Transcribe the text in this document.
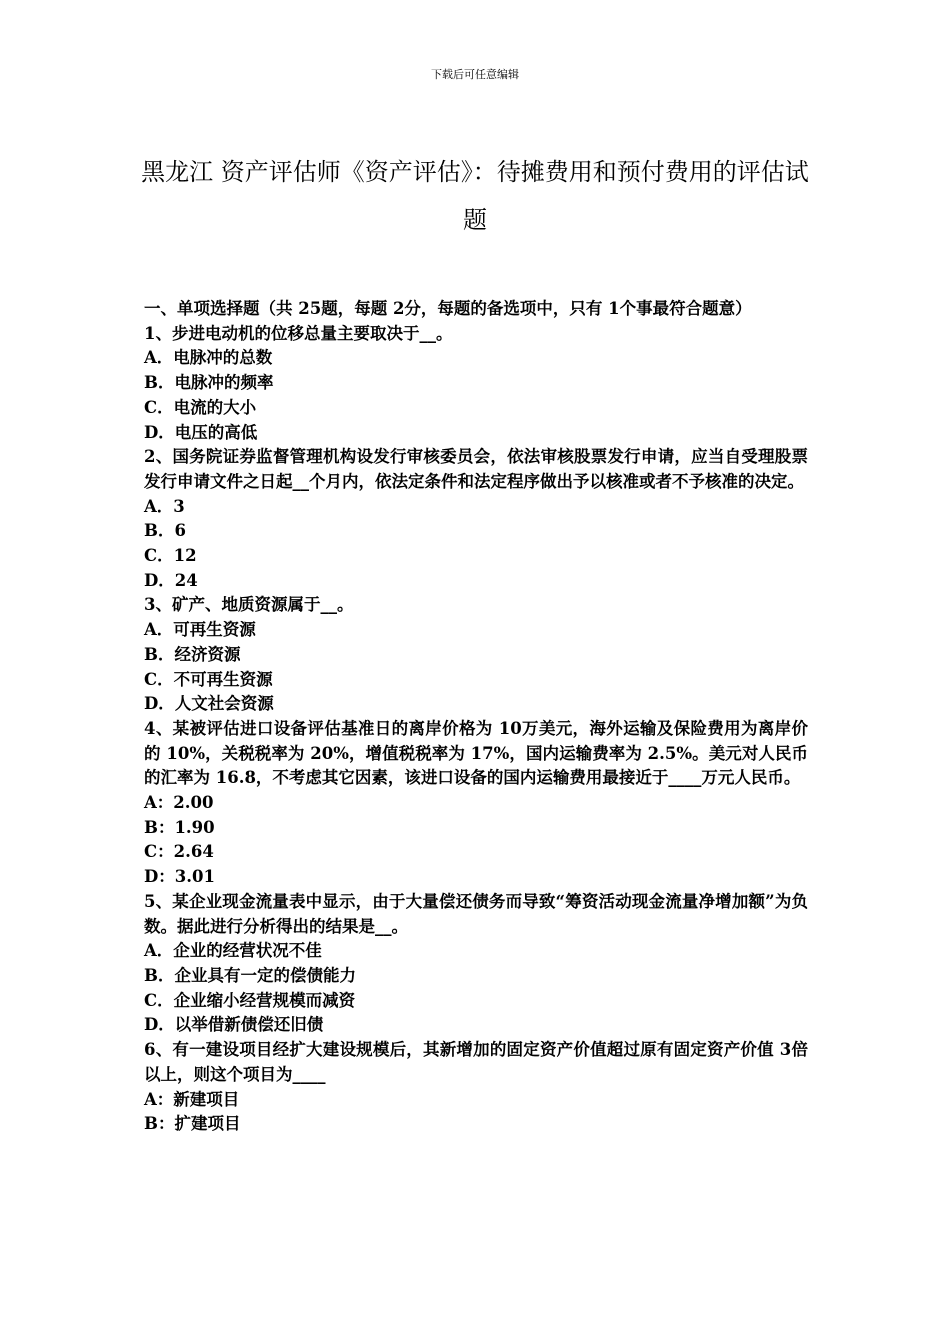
下载后可任意编辑
黑龙江 资产评估师《资产评估》：待摊费用和预付费用的评估试题

一、单项选择题（共 25题，每题 2分，每题的备选项中，只有 1个事最符合题意）

1、步进电动机的位移总量主要取决于__。

A．电脉冲的总数

B．电脉冲的频率

C．电流的大小

D．电压的高低

2、国务院证券监督管理机构设发行审核委员会，依法审核股票发行申请，应当自受理股票发行申请文件之日起__个月内，依法定条件和法定程序做出予以核准或者不予核准的决定。

A．3

B．6

C．12

D．24

3、矿产、地质资源属于__。

A．可再生资源

B．经济资源

C．不可再生资源

D．人文社会资源

4、某被评估进口设备评估基准日的离岸价格为 10万美元，海外运输及保险费用为离岸价的 10%，关税税率为 20%，增值税税率为 17%，国内运输费率为 2.5%。美元对人民币的汇率为 16.8，不考虑其它因素，该进口设备的国内运输费用最接近于____万元人民币。

A：2.00

B：1.90

C：2.64

D：3.01

5、某企业现金流量表中显示，由于大量偿还债务而导致“筹资活动现金流量净增加额”为负数。据此进行分析得出的结果是__。

A．企业的经营状况不佳

B．企业具有一定的偿债能力

C．企业缩小经营规模而减资

D．以举借新债偿还旧债

6、有一建设项目经扩大建设规模后，其新增加的固定资产价值超过原有固定资产价值 3倍以上，则这个项目为____

A：新建项目

B：扩建项目
